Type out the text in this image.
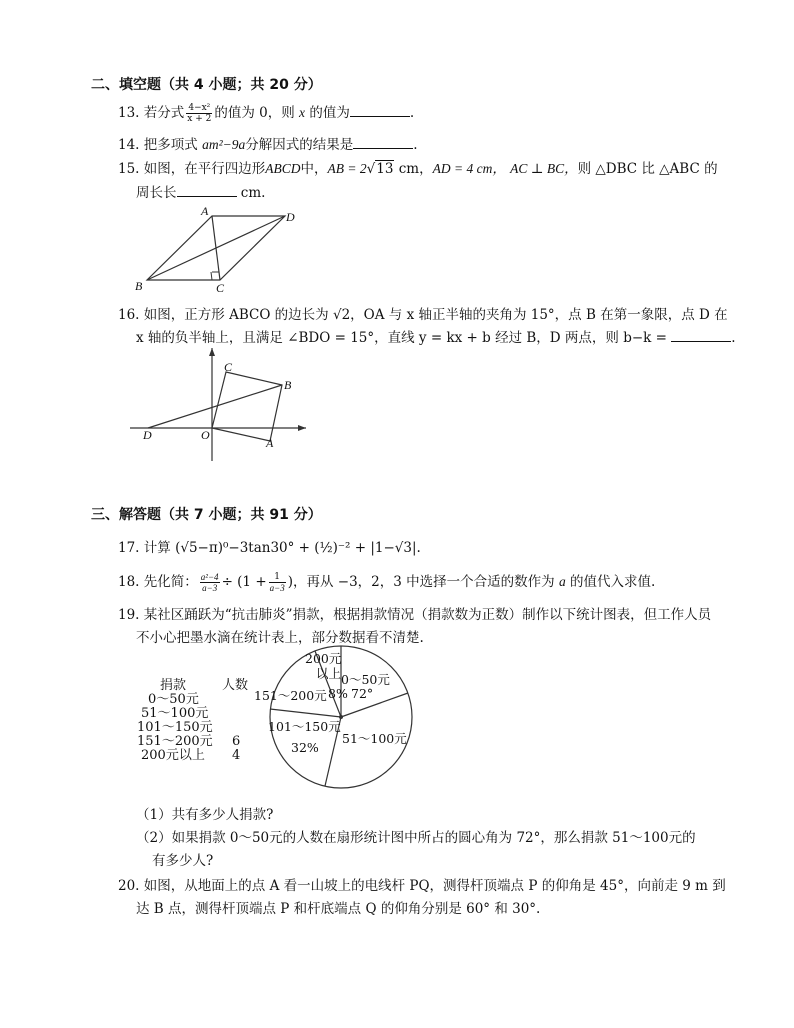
二、填空题（共 4 小题；共 20 分）
13. 若分式 $\frac{\text{4−x²}}{x + 2}$ 的值为 0，则 x 的值为	.
14. 把多项式 am²−9a分解因式的结果是	.
15. 如图，在平行四边形ABCD中，AB = 2√13 cm，AD = 4 cm， AC ⊥ BC，则 △DBC 比 △ABC 的
周长长	cm.
A	D
B	C
16. 如图，正方形 ABCO 的边长为 √2，OA 与 x 轴正半轴的夹角为 15°，点 B 在第一象限，点 D 在
x 轴的负半轴上，且满足 ∠BDO = 15°，直线 y = kx + b 经过 B，D 两点，则 b−k =	.
C
B
D	O
A
三、解答题（共 7 小题；共 91 分）
17. 计算 (√5−π)⁰−3tan30° + (½)⁻² + |1−√3|.
18. 先化简： $\frac{\text{a²−4}}{a-3} \div (1 + \frac{1}{a-3}$ )，再从 −3，2，3 中选择一个合适的数作为 a 的值代入求值.
19. 某社区踊跃为“抗击肺炎”捐款，根据捐款情况（捐款数为正数）制作以下统计图表，但工作人员
不小心把墨水滴在统计表上，部分数据看不清楚.
捐款	人数
0～50元
51～100元
101～150元
151～200元 6
200元以上 4
200元
以上 0～50元
151～200元 8% 72°
101～150元
51～100元
32%
（1）共有多少人捐款?
（2）如果捐款 0～50元的人数在扇形统计图中所占的圆心角为 72°，那么捐款 51～100元的
有多少人?
20. 如图，从地面上的点 A 看一山坡上的电线杆 PQ，测得杆顶端点 P 的仰角是 45°，向前走 9 m 到
达 B 点，测得杆顶端点 P 和杆底端点 Q 的仰角分别是 60° 和 30°.
